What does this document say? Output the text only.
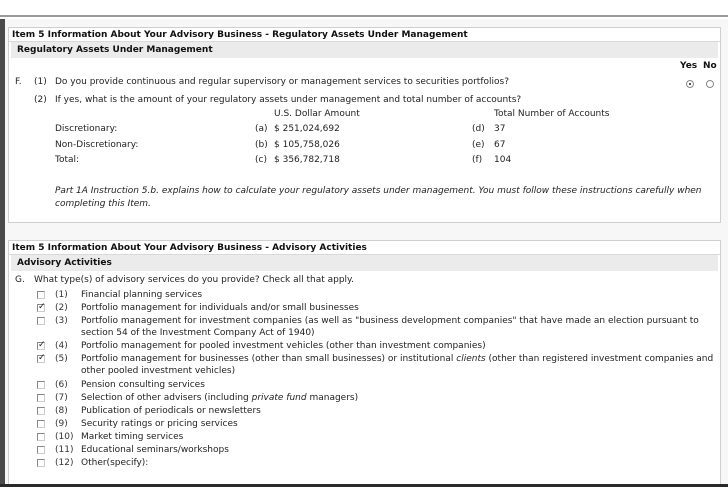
Item 5 Information About Your Advisory Business - Regulatory Assets Under Management
Regulatory Assets Under Management
Yes No
F. (1) Do you provide continuous and regular supervisory or management services to securities portfolios?
(2) If yes, what is the amount of your regulatory assets under management and total number of accounts?
U.S. Dollar Amount	Total Number of Accounts
Discretionary:	(a) $ 251,024,692	(d) 37
Non-Discretionary:	(b) $ 105,758,026	(e) 67
Total:	(c) $ 356,782,718	(f) 104
Part 1A Instruction 5.b. explains how to calculate your regulatory assets under management. You must follow these instructions carefully when
completing this Item.
Item 5 Information About Your Advisory Business - Advisory Activities
Advisory Activities
G. What type(s) of advisory services do you provide? Check all that apply.
(1) Financial planning services
✓
(2) Portfolio management for individuals and/or small businesses
(3) Portfolio management for investment companies (as well as "business development companies" that have made an election pursuant to
section 54 of the Investment Company Act of 1940)
✓
(4) Portfolio management for pooled investment vehicles (other than investment companies)
✓
(5) Portfolio management for businesses (other than small businesses) or institutional clients (other than registered investment companies and
other pooled investment vehicles)
(6) Pension consulting services
(7) Selection of other advisers (including private fund managers)
(8) Publication of periodicals or newsletters
(9) Security ratings or pricing services
(10) Market timing services
(11) Educational seminars/workshops
(12) Other(specify):
